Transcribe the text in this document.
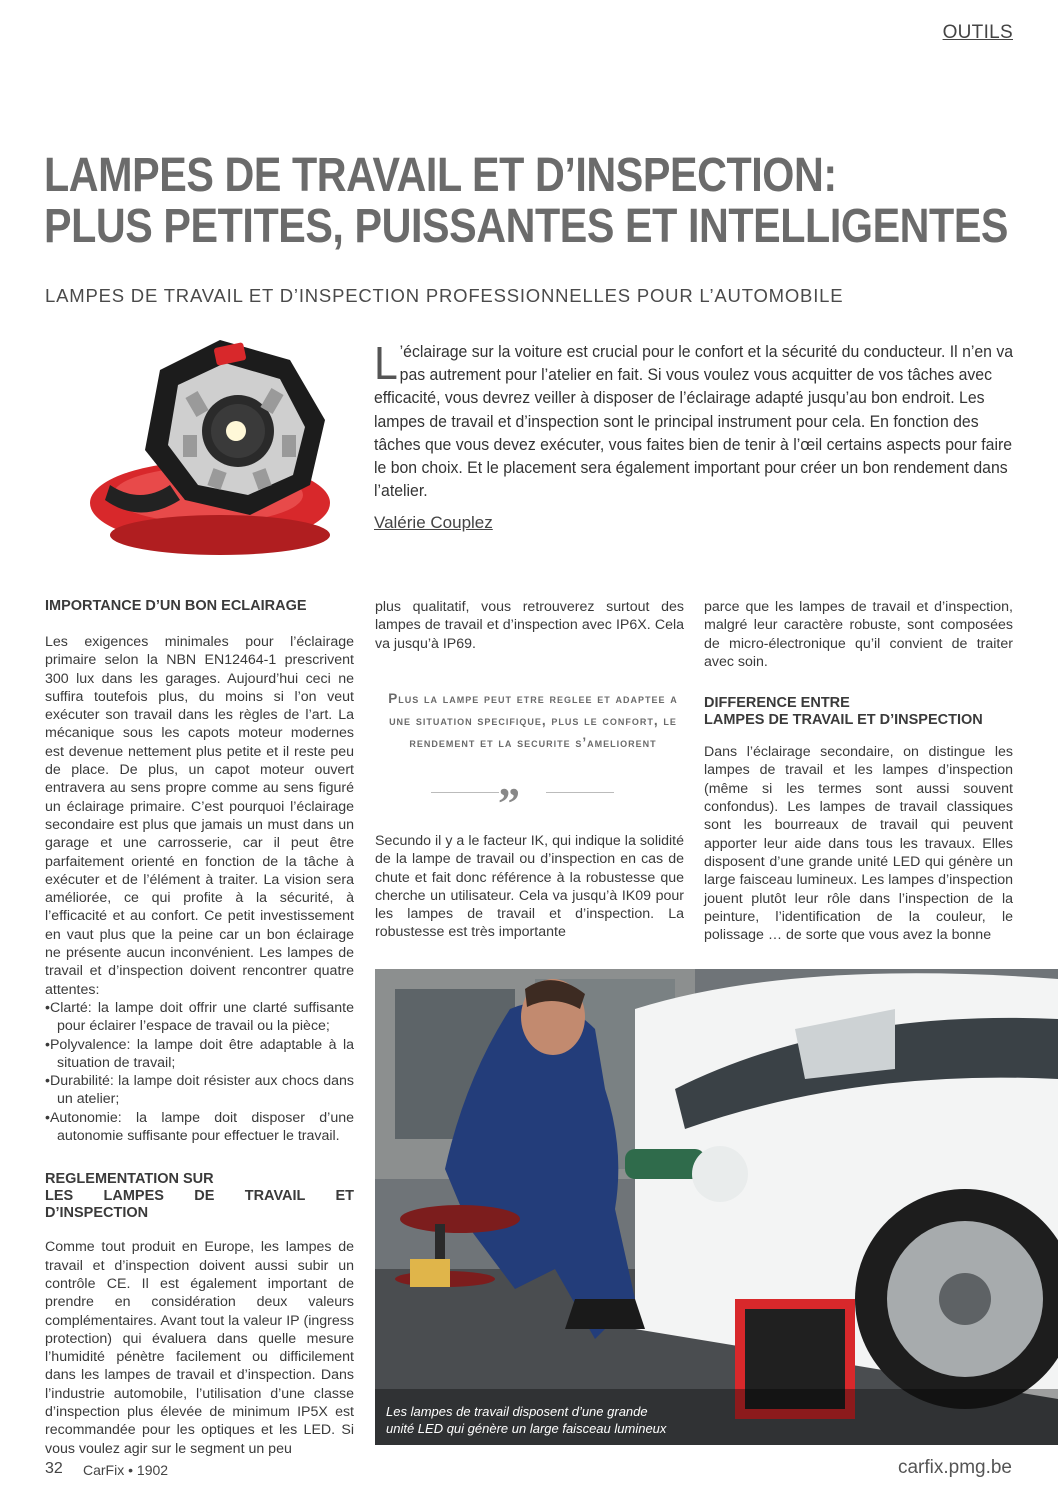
OUTILS
LAMPES DE TRAVAIL ET D’INSPECTION:
PLUS PETITES, PUISSANTES ET INTELLIGENTES
LAMPES DE TRAVAIL ET D’INSPECTION PROFESSIONNELLES POUR L’AUTOMOBILE
L ’éclairage sur la voiture est crucial pour le confort et la sécurité du conducteur. Il n’en va pas autrement pour l’atelier en fait. Si vous voulez vous acquitter de vos tâches avec efficacité, vous devrez veiller à disposer de l’éclairage adapté jusqu’au bon endroit. Les lampes de travail et d’inspection sont le principal instrument pour cela. En fonction des tâches que vous devez exécuter, vous faites bien de tenir à l’œil certains aspects pour faire le bon choix. Et le placement sera également important pour créer un bon rendement dans l’atelier.
Valérie Couplez
IMPORTANCE D’UN BON ECLAIRAGE

Les exigences minimales pour l’éclairage primaire selon la NBN EN12464-1 prescrivent 300 lux dans les garages. Aujourd’hui ceci ne suffira toutefois plus, du moins si l’on veut exécuter son travail dans les règles de l’art. La mécanique sous les capots moteur modernes est devenue nettement plus petite et il reste peu de place. De plus, un capot moteur ouvert entravera au sens propre comme au sens figuré un éclairage primaire. C’est pourquoi l’éclairage secondaire est plus que jamais un must dans un garage et une carrosserie, car il peut être parfaitement orienté en fonction de la tâche à exécuter et de l’élément à traiter. La vision sera améliorée, ce qui profite à la sécurité, à l’efficacité et au confort. Ce petit investissement en vaut plus que la peine car un bon éclairage ne présente aucun inconvénient. Les lampes de travail et d’inspection doivent rencontrer quatre attentes:

•Clarté: la lampe doit offrir une clarté suffisante pour éclairer l’espace de travail ou la pièce;
•Polyvalence: la lampe doit être adaptable à la situation de travail;
•Durabilité: la lampe doit résister aux chocs dans un atelier;
•Autonomie: la lampe doit disposer d’une autonomie suffisante pour effectuer le travail.
REGLEMENTATION SUR
LES LAMPES DE TRAVAIL ET D’INSPECTION

Comme tout produit en Europe, les lampes de travail et d’inspection doivent aussi subir un contrôle CE. Il est également important de prendre en considération deux valeurs complémentaires. Avant tout la valeur IP (ingress protection) qui évaluera dans quelle mesure l’humidité pénètre facilement ou difficilement dans les lampes de travail et d’inspection. Dans l’industrie automobile, l’utilisation d’une classe d’inspection plus élevée de minimum IP5X est recommandée pour les optiques et les LED. Si vous voulez agir sur le segment un peu

plus qualitatif, vous retrouverez surtout des lampes de travail et d’inspection avec IP6X. Cela va jusqu’à IP69.

Plus la lampe peut etre reglee et adaptee a une situation specifique, plus le confort, le rendement et la securite s’ameliorent
”

Secundo il y a le facteur IK, qui indique la solidité de la lampe de travail ou d’inspection en cas de chute et fait donc référence à la robustesse que cherche un utilisateur. Cela va jusqu’à IK09 pour les lampes de travail et d’inspection. La robustesse est très importante

parce que les lampes de travail et d’inspection, malgré leur caractère robuste, sont composées de micro-électronique qu’il convient de traiter avec soin.

DIFFERENCE ENTRE
LAMPES DE TRAVAIL ET D’INSPECTION

Dans l’éclairage secondaire, on distingue les lampes de travail et les lampes d’inspection (même si les termes sont aussi souvent confondus). Les lampes de travail classiques sont les bourreaux de travail qui peuvent apporter leur aide dans tous les travaux. Elles disposent d’une grande unité LED qui génère un large faisceau lumineux. Les lampes d’inspection jouent plutôt leur rôle dans l’inspection de la peinture, l’identification de la couleur, le polissage … de sorte que vous avez la bonne

Les lampes de travail disposent d’une grande
unité LED qui génère un large faisceau lumineux
32 CarFix • 1902	carfix.pmg.be
